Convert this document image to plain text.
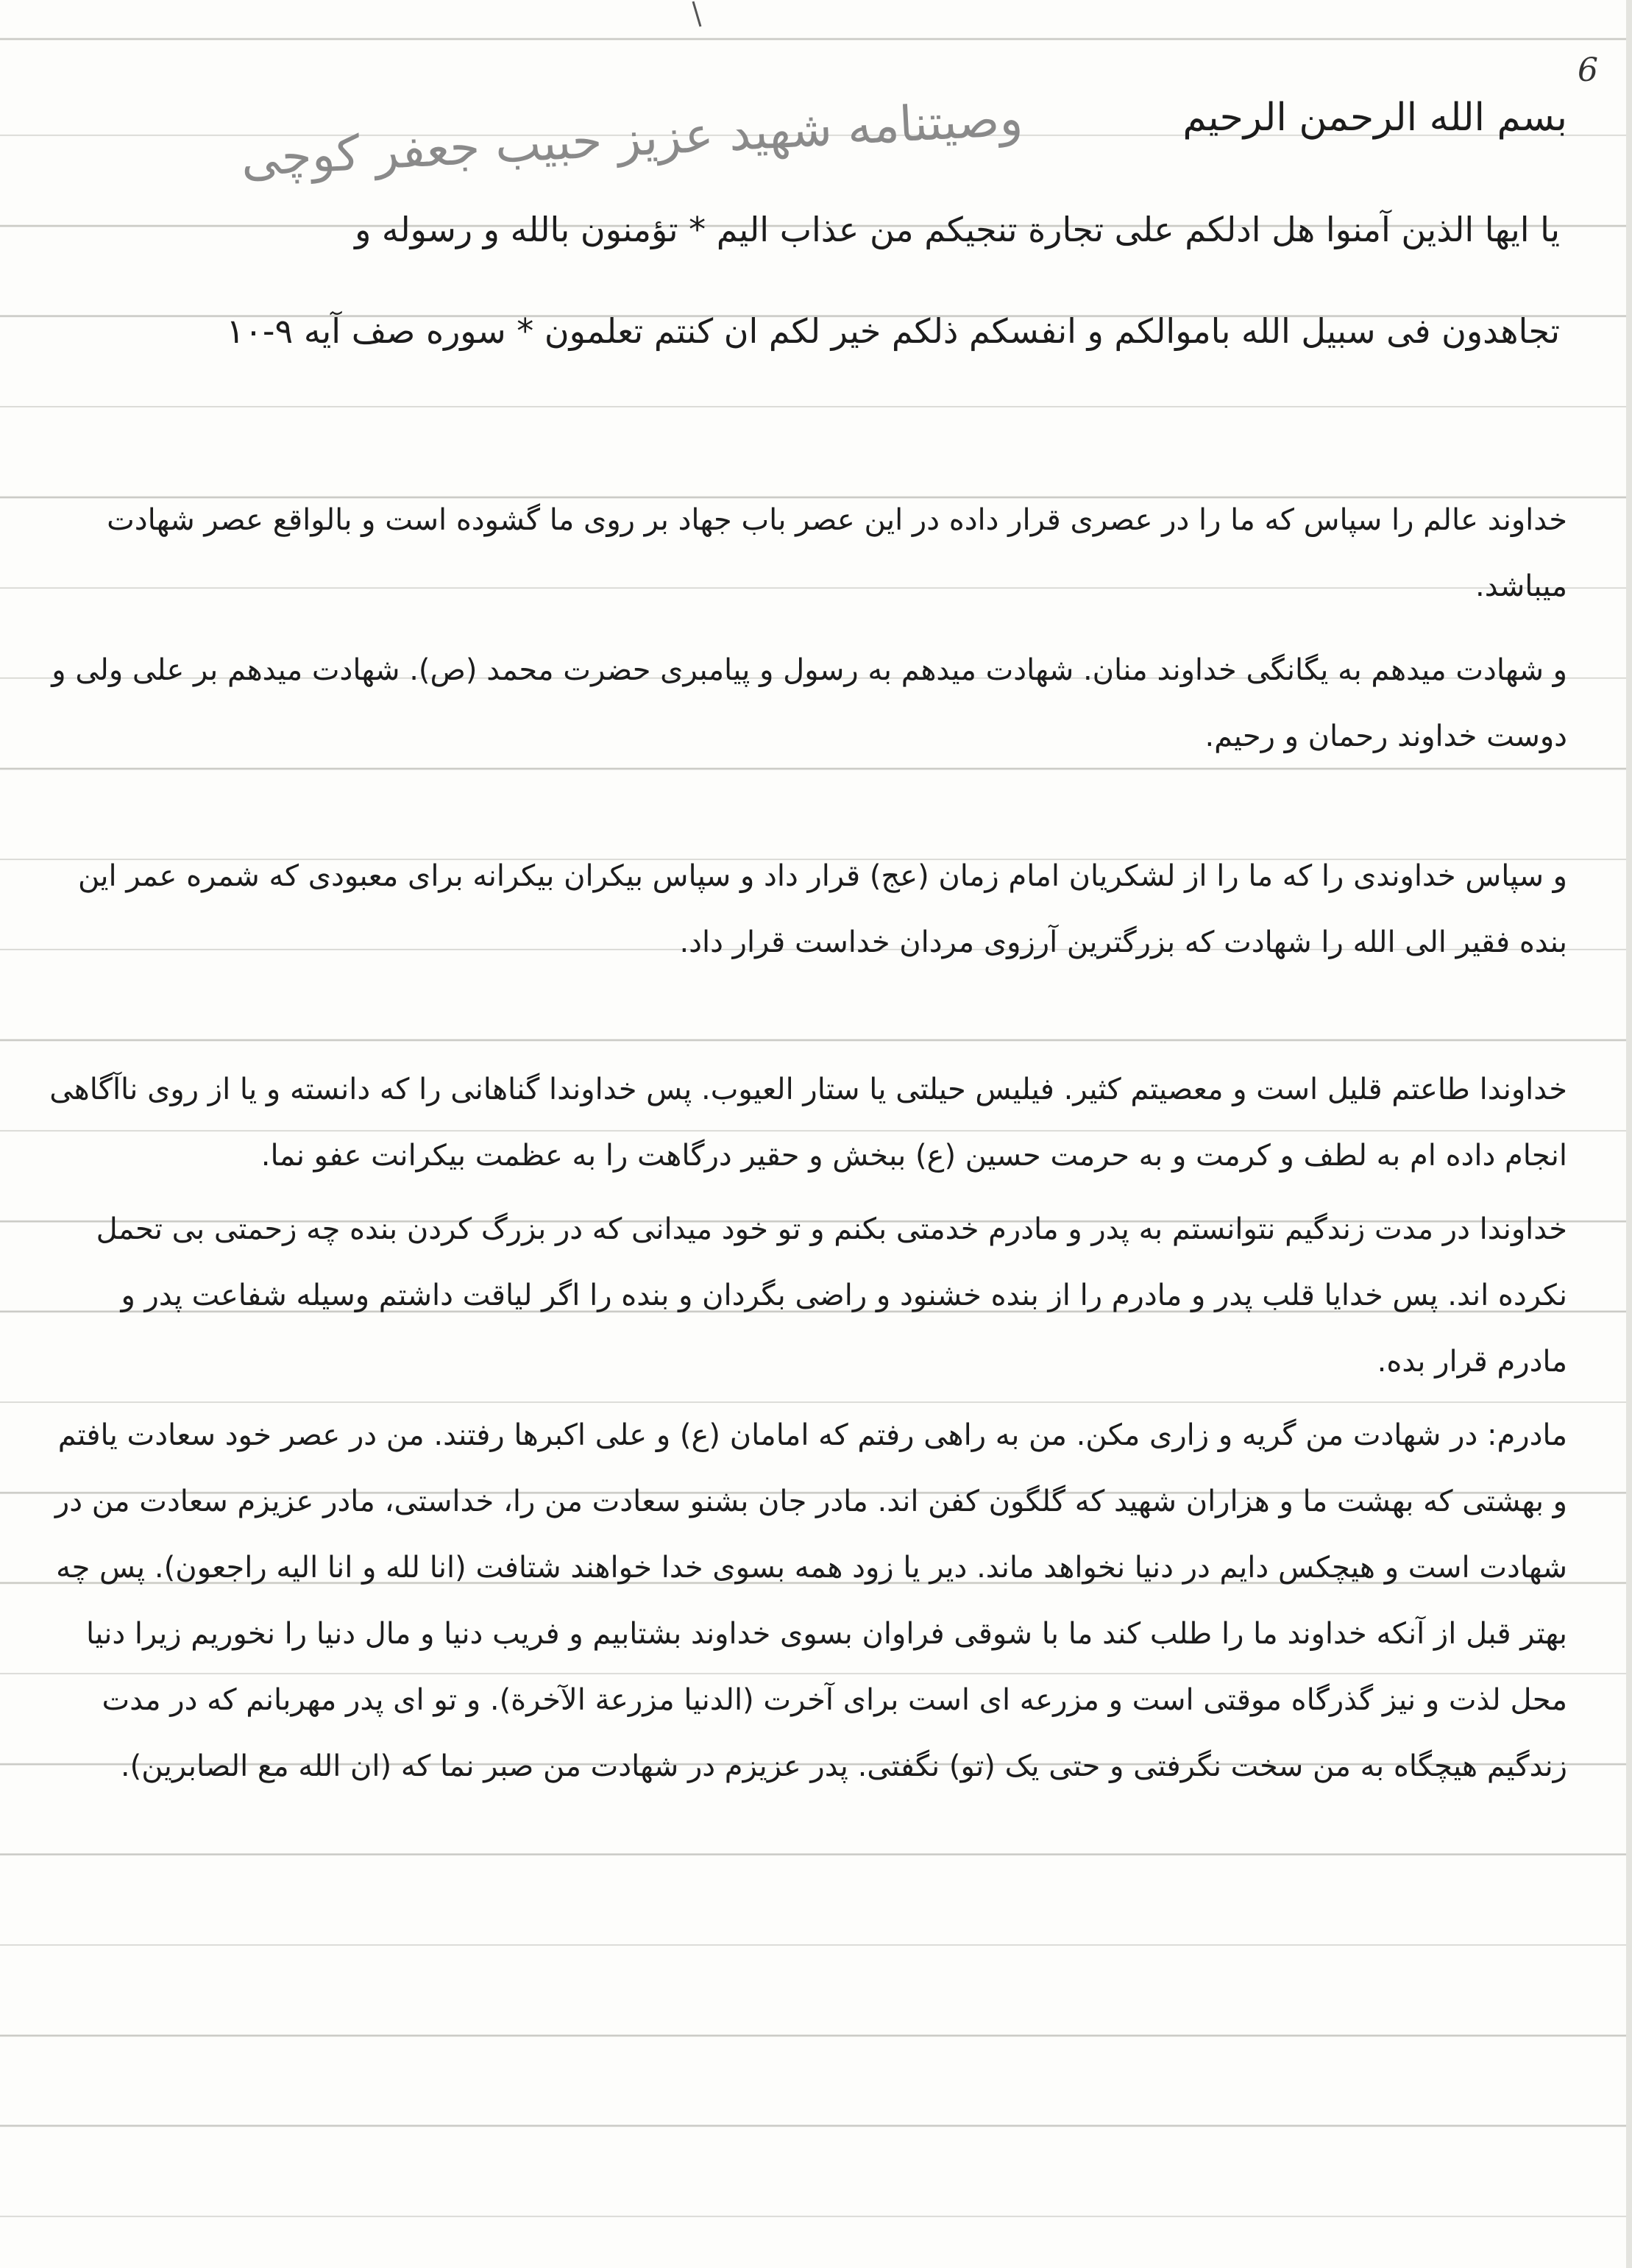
6
بسم الله الرحمن الرحیم
وصیتنامه شهید عزیز حبیب جعفر کوچی
یا ایها الذین آمنوا هل ادلکم علی تجارة تنجیکم من عذاب الیم * تؤمنون بالله و رسوله و
تجاهدون فی سبیل الله باموالکم و انفسکم ذلکم خیر لکم ان کنتم تعلمون * سوره صف آیه ۹-۱۰

خداوند عالم را سپاس که ما را در عصری قرار داده در این عصر باب جهاد بر روی ما گشوده است و بالواقع عصر شهادت میباشد.

و شهادت میدهم به یگانگی خداوند منان. شهادت میدهم به رسول و پیامبری حضرت محمد (ص). شهادت میدهم بر علی ولی و دوست خداوند رحمان و رحیم.

و سپاس خداوندی را که ما را از لشکریان امام زمان (عج) قرار داد و سپاس بیکران بیکرانه برای معبودی که شمره عمر این بنده فقیر الی الله را شهادت که بزرگترین آرزوی مردان خداست قرار داد.

خداوندا طاعتم قلیل است و معصیتم کثیر. فیلیس حیلتی یا ستار العیوب. پس خداوندا گناهانی را که دانسته و یا از روی ناآگاهی انجام داده ام به لطف و کرمت و به حرمت حسین (ع) ببخش و حقیر درگاهت را به عظمت بیکرانت عفو نما.

خداوندا در مدت زندگیم نتوانستم به پدر و مادرم خدمتی بکنم و تو خود میدانی که در بزرگ کردن بنده چه زحمتی بی تحمل نکرده اند. پس خدایا قلب پدر و مادرم را از بنده خشنود و راضی بگردان و بنده را اگر لیاقت داشتم وسیله شفاعت پدر و مادرم قرار بده.

مادرم: در شهادت من گریه و زاری مکن. من به راهی رفتم که امامان (ع) و علی اکبرها رفتند. من در عصر خود سعادت یافتم و بهشتی که بهشت ما و هزاران شهید که گلگون کفن اند. مادر جان بشنو سعادت من را، خداستی، مادر عزیزم سعادت من در شهادت است و هیچکس دایم در دنیا نخواهد ماند. دیر یا زود همه بسوی خدا خواهند شتافت (انا لله و انا الیه راجعون). پس چه بهتر قبل از آنکه خداوند ما را طلب کند ما با شوقی فراوان بسوی خداوند بشتابیم و فریب دنیا و مال دنیا را نخوریم زیرا دنیا محل لذت و نیز گذرگاه موقتی است و مزرعه ای است برای آخرت (الدنیا مزرعة الآخرة). و تو ای پدر مهربانم که در مدت زندگیم هیچگاه به من سخت نگرفتی و حتی یک (تو) نگفتی. پدر عزیزم در شهادت من صبر نما که (ان الله مع الصابرین).
